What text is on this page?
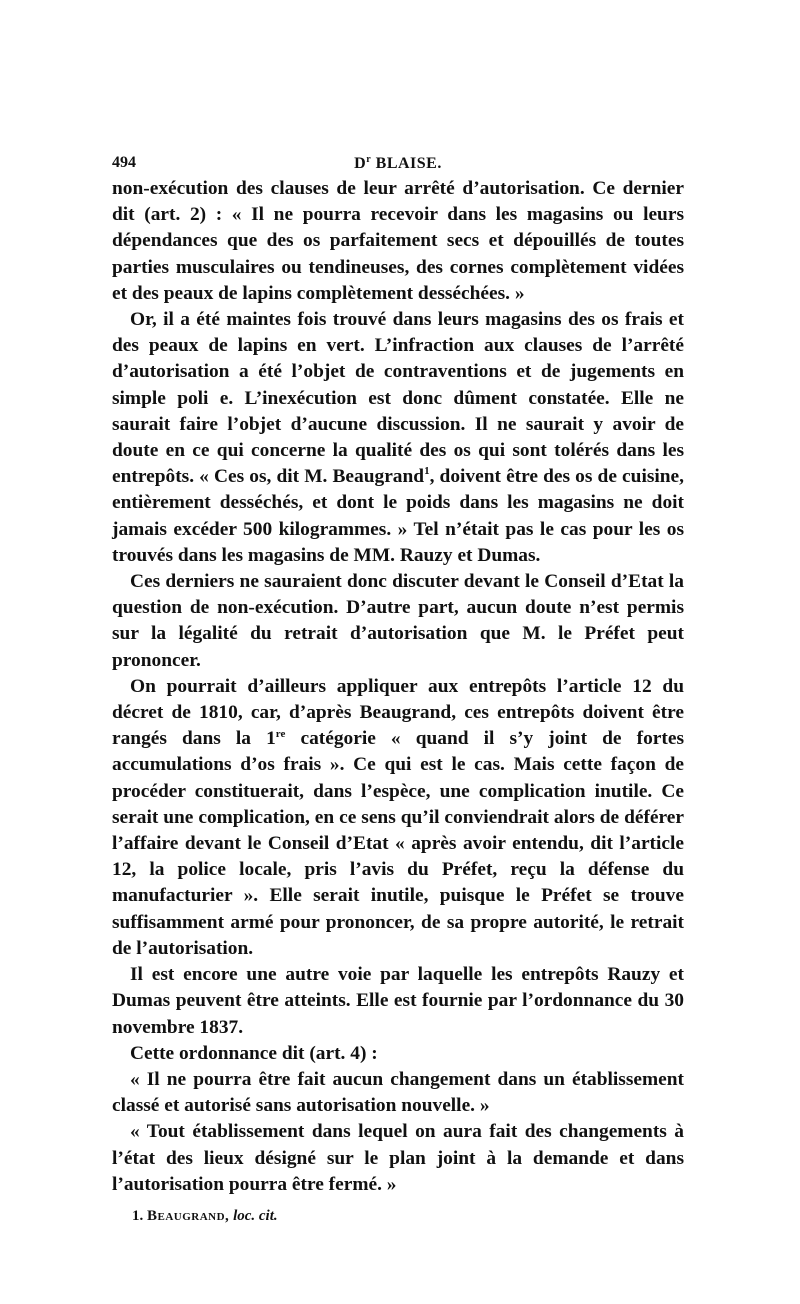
494	$D^r$ BLAISE.

non-exécution des clauses de leur arrêté d’autorisation. Ce dernier dit (art. 2) : « Il ne pourra recevoir dans les magasins ou leurs dépendances que des os parfaitement secs et dépouillés de toutes parties musculaires ou tendineuses, des cornes complètement vidées et des peaux de lapins complètement desséchées. »

Or, il a été maintes fois trouvé dans leurs magasins des os frais et des peaux de lapins en vert. L’infraction aux clauses de l’arrêté d’autorisation a été l’objet de contraventions et de jugements en simple poli e. L’inexécution est donc dûment constatée. Elle ne saurait faire l’objet d’aucune discussion. Il ne saurait y avoir de doute en ce qui concerne la qualité des os qui sont tolérés dans les entrepôts. « Ces os, dit M. Beaugrand$^1$, doivent être des os de cuisine, entièrement desséchés, et dont le poids dans les magasins ne doit jamais excéder 500 kilogrammes. » Tel n’était pas le cas pour les os trouvés dans les magasins de MM. Rauzy et Dumas.

Ces derniers ne sauraient donc discuter devant le Conseil d’Etat la question de non-exécution. D’autre part, aucun doute n’est permis sur la légalité du retrait d’autorisation que M. le Préfet peut prononcer.

On pourrait d’ailleurs appliquer aux entrepôts l’article 12 du décret de 1810, car, d’après Beaugrand, ces entrepôts doivent être rangés dans la 1re catégorie « quand il s’y joint de fortes accumulations d’os frais ». Ce qui est le cas. Mais cette façon de procéder constituerait, dans l’espèce, une complication inutile. Ce serait une complication, en ce sens qu’il conviendrait alors de déférer l’affaire devant le Conseil d’Etat « après avoir entendu, dit l’article 12, la police locale, pris l’avis du Préfet, reçu la défense du manufacturier ». Elle serait inutile, puisque le Préfet se trouve suffisamment armé pour prononcer, de sa propre autorité, le retrait de l’autorisation.

Il est encore une autre voie par laquelle les entrepôts Rauzy et Dumas peuvent être atteints. Elle est fournie par l’ordonnance du 30 novembre 1837.

Cette ordonnance dit (art. 4) :

« Il ne pourra être fait aucun changement dans un établissement classé et autorisé sans autorisation nouvelle. »

« Tout établissement dans lequel on aura fait des changements à l’état des lieux désigné sur le plan joint à la demande et dans l’autorisation pourra être fermé. »

1. Beaugrand, loc. cit.
